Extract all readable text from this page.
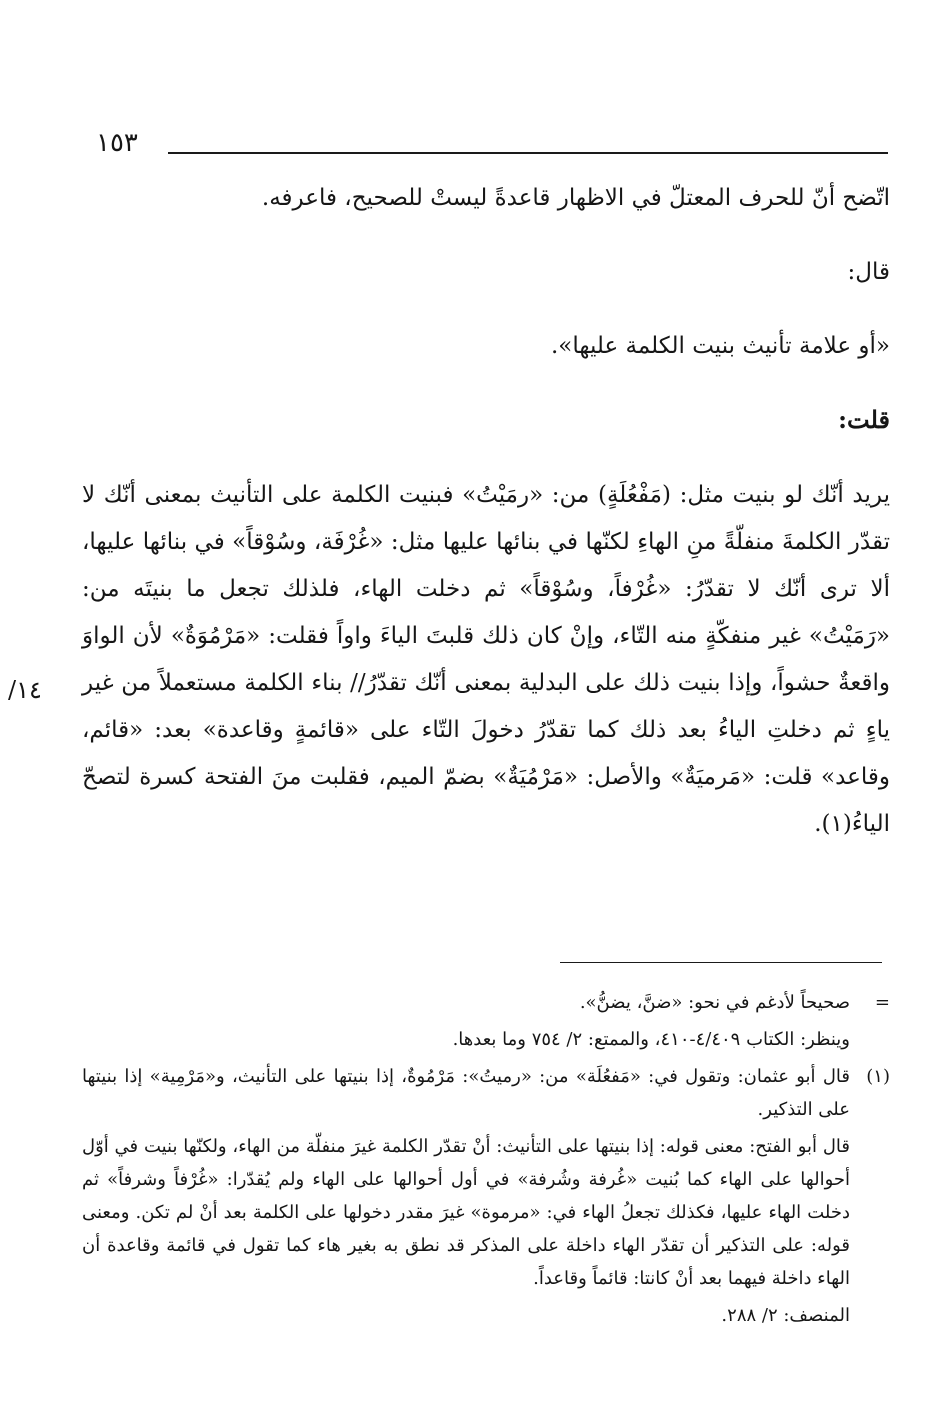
١٥٣

اتّضح أنّ للحرف المعتلّ في الاظهار قاعدةً ليستْ للصحيح، فاعرفه.

قال:

«أو علامة تأنيث بنيت الكلمة عليها».

قلت:

يريد أنّك لو بنيت مثل: (مَفْعُلَةٍ) من: «رمَيْتُ» فبنيت الكلمة على التأنيث بمعنى أنّك لا تقدّر الكلمةَ منفلّةً منِ الهاءِ لكنّها في بنائها عليها مثل: «غُرْفَة، وسُوْقاً» في بنائها عليها، ألا ترى أنّك لا تقدّرُ: «غُرْفاً، وسُوْقاً» ثم دخلت الهاء، فلذلك تجعل ما بنيتَه من: «رَمَيْتُ» غير منفكّةٍ منه التّاء، وإنْ كان ذلك قلبتَ الياءَ واواً فقلت: «مَرْمُوَةٌ» لأن الواوَ واقعةٌ حشواً، وإذا بنيت ذلك على البدلية بمعنى أنّك تقدّرُ// بناء الكلمة مستعملاً من غير ياءٍ ثم دخلتِ الياءُ بعد ذلك كما تقدّرُ دخولَ التّاء على «قائمةٍ وقاعدة» بعد: «قائم، وقاعد» قلت: «مَرميَةٌ» والأصل: «مَرْمُيَةٌ» بضمّ الميم، فقلبت منَ الفتحة كسرة لتصحّ الياءُ(١).

١٤/
=
صحيحاً لأدغم في نحو: «ضنَّ، يضنُّ».
وينظر: الكتاب ٤/٤٠٩-٤١٠، والممتع: ٢/ ٧٥٤ وما بعدها.
(١)
قال أبو عثمان: وتقول في: «مَفعُلَة» من: «رميتُ»: مَرْمُوةٌ، إذا بنيتها على التأنيث، و«مَرْمِية» إذا بنيتها على التذكير.
قال أبو الفتح: معنى قوله: إذا بنيتها على التأنيث: أنْ تقدّر الكلمة غيرَ منفلّة من الهاء، ولكنّها بنيت في أوّل أحوالها على الهاء كما بُنيت «غُرفة وشُرفة» في أول أحوالها على الهاء ولم يُقدّرا: «غُرْفاً وشرفاً» ثم دخلت الهاء عليها، فكذلك تجعلُ الهاء في: «مرموة» غيرَ مقدر دخولها على الكلمة بعد أنْ لم تكن. ومعنى قوله: على التذكير أن تقدّر الهاء داخلة على المذكر قد نطق به بغير هاء كما تقول في قائمة وقاعدة أن الهاء داخلة فيهما بعد أنْ كانتا: قائماً وقاعداً.
المنصف: ٢/ ٢٨٨.
